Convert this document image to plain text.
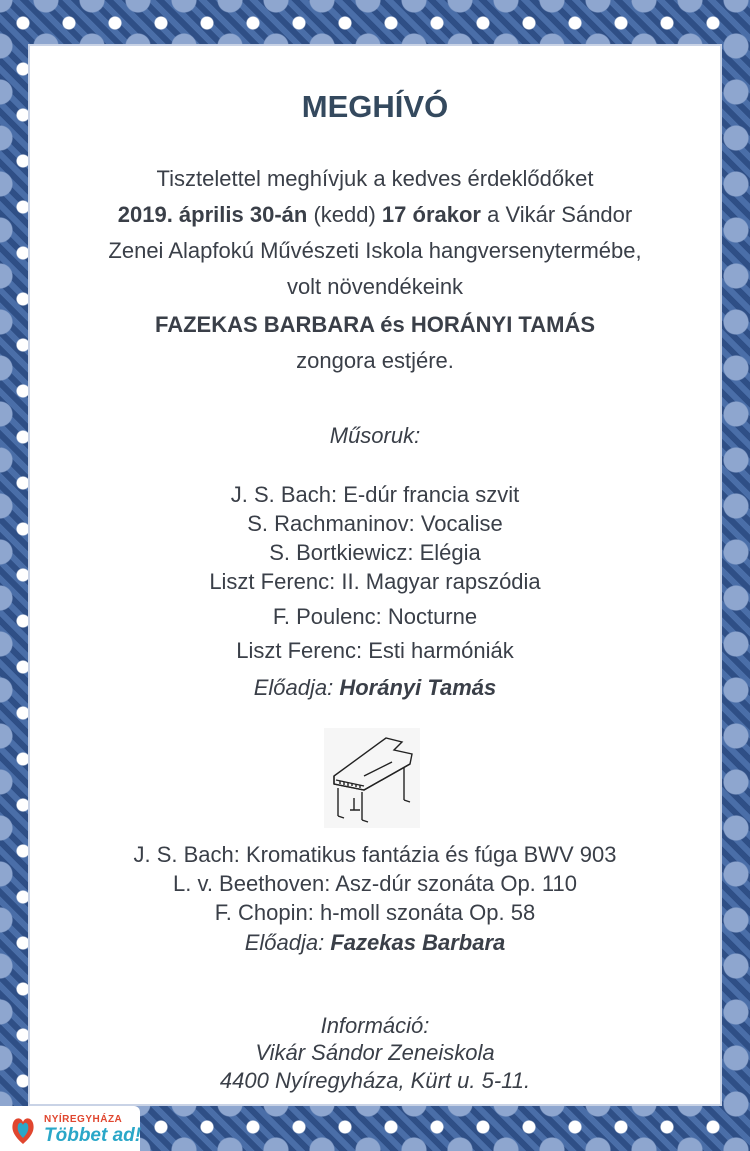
MEGHÍVÓ

Tisztelettel meghívjuk a kedves érdeklődőket

2019. április 30-án (kedd) 17 órakor a Vikár Sándor

Zenei Alapfokú Művészeti Iskola hangversenytermébe,

volt növendékeink

FAZEKAS BARBARA és HORÁNYI TAMÁS

zongora estjére.

Műsoruk:

J. S. Bach: E-dúr francia szvit

S. Rachmaninov: Vocalise

S. Bortkiewicz: Elégia

Liszt Ferenc: II. Magyar rapszódia

F. Poulenc: Nocturne

Liszt Ferenc: Esti harmóniák

Előadja: Horányi Tamás

J. S. Bach: Kromatikus fantázia és fúga BWV 903

L. v. Beethoven: Asz-dúr szonáta Op. 110

F. Chopin: h-moll szonáta Op. 58

Előadja: Fazekas Barbara

Információ:

Vikár Sándor Zeneiskola

4400 Nyíregyháza, Kürt u. 5-11.

NYÍREGYHÁZA
Többet ad!
